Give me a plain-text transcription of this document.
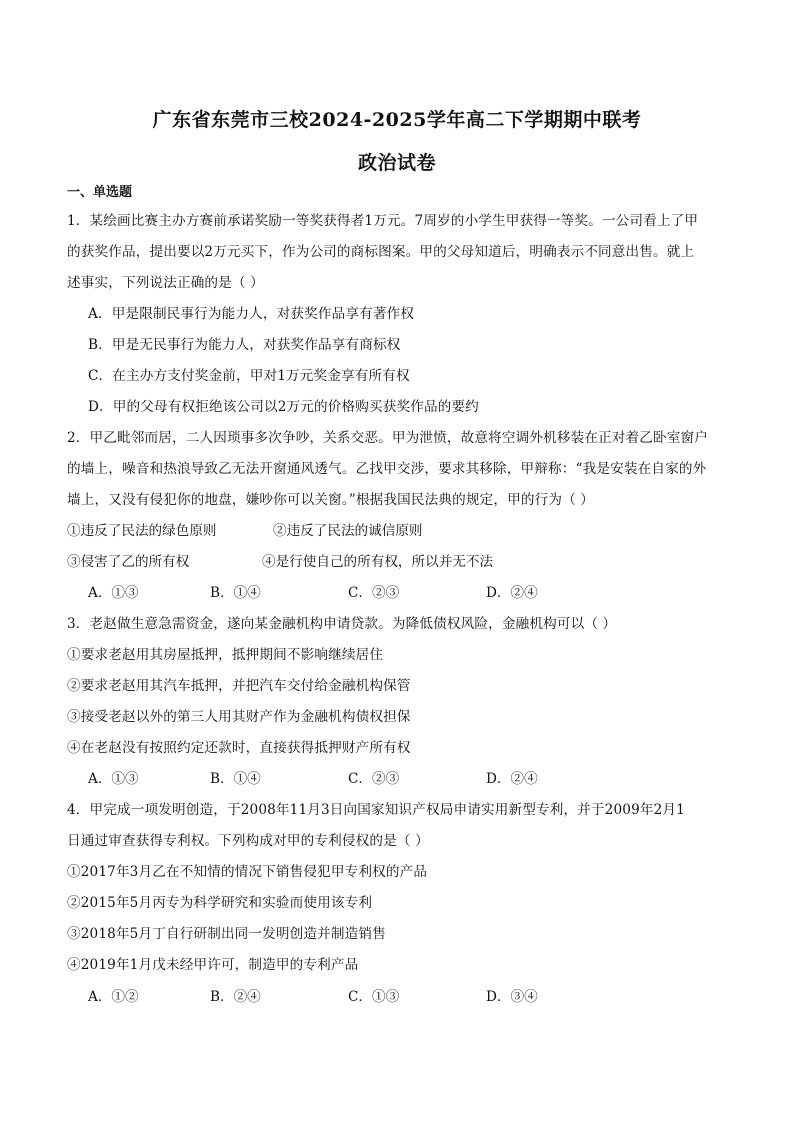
广东省东莞市三校2024-2025学年高二下学期期中联考
政治试卷
一、单选题
1．某绘画比赛主办方赛前承诺奖励一等奖获得者1万元。7周岁的小学生甲获得一等奖。一公司看上了甲
的获奖作品，提出要以2万元买下，作为公司的商标图案。甲的父母知道后，明确表示不同意出售。就上
述事实，下列说法正确的是（ ）
A．甲是限制民事行为能力人，对获奖作品享有著作权
B．甲是无民事行为能力人，对获奖作品享有商标权
C．在主办方支付奖金前，甲对1万元奖金享有所有权
D．甲的父母有权拒绝该公司以2万元的价格购买获奖作品的要约
2．甲乙毗邻而居，二人因琐事多次争吵，关系交恶。甲为泄愤，故意将空调外机移装在正对着乙卧室窗户
的墙上，噪音和热浪导致乙无法开窗通风透气。乙找甲交涉，要求其移除，甲辩称：“我是安装在自家的外
墙上，又没有侵犯你的地盘，嫌吵你可以关窗。”根据我国民法典的规定，甲的行为（ ）
①违反了民法的绿色原则	②违反了民法的诚信原则
③侵害了乙的所有权	④是行使自己的所有权，所以并无不法
A．①③	B．①④	C．②③	D．②④
3．老赵做生意急需资金，遂向某金融机构申请贷款。为降低债权风险，金融机构可以（ ）
①要求老赵用其房屋抵押，抵押期间不影响继续居住
②要求老赵用其汽车抵押，并把汽车交付给金融机构保管
③接受老赵以外的第三人用其财产作为金融机构债权担保
④在老赵没有按照约定还款时，直接获得抵押财产所有权
A．①③	B．①④	C．②③	D．②④
4．甲完成一项发明创造，于2008年11月3日向国家知识产权局申请实用新型专利，并于2009年2月1
日通过审查获得专利权。下列构成对甲的专利侵权的是（ ）
①2017年3月乙在不知情的情况下销售侵犯甲专利权的产品
②2015年5月丙专为科学研究和实验而使用该专利
③2018年5月丁自行研制出同一发明创造并制造销售
④2019年1月戊未经甲许可，制造甲的专利产品
A．①②	B．②④	C．①③	D．③④
